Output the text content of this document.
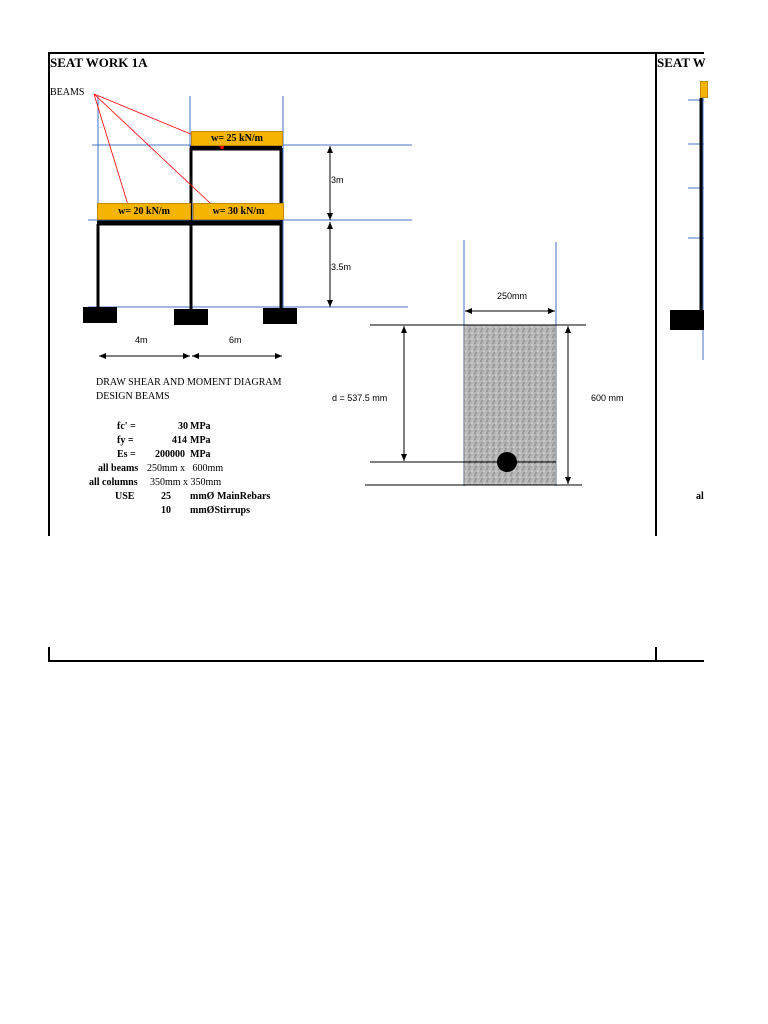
SEAT WORK 1A	SEAT W
BEAMS
w= 25 kN/m
w= 20 kN/m	w= 30 kN/m
3m
3.5m
4m	6m
250mm
d = 537.5 mm	600 mm
DRAW SHEAR AND MOMENT DIAGRAM
DESIGN BEAMS
fc' =	30 MPa
fy =	414 MPa
Es = 200000 MPa
all beams 250mm x   600mm
all columns 350mm x 350mm
USE	25 mmØ MainRebars
10 mmØStirrups
al
